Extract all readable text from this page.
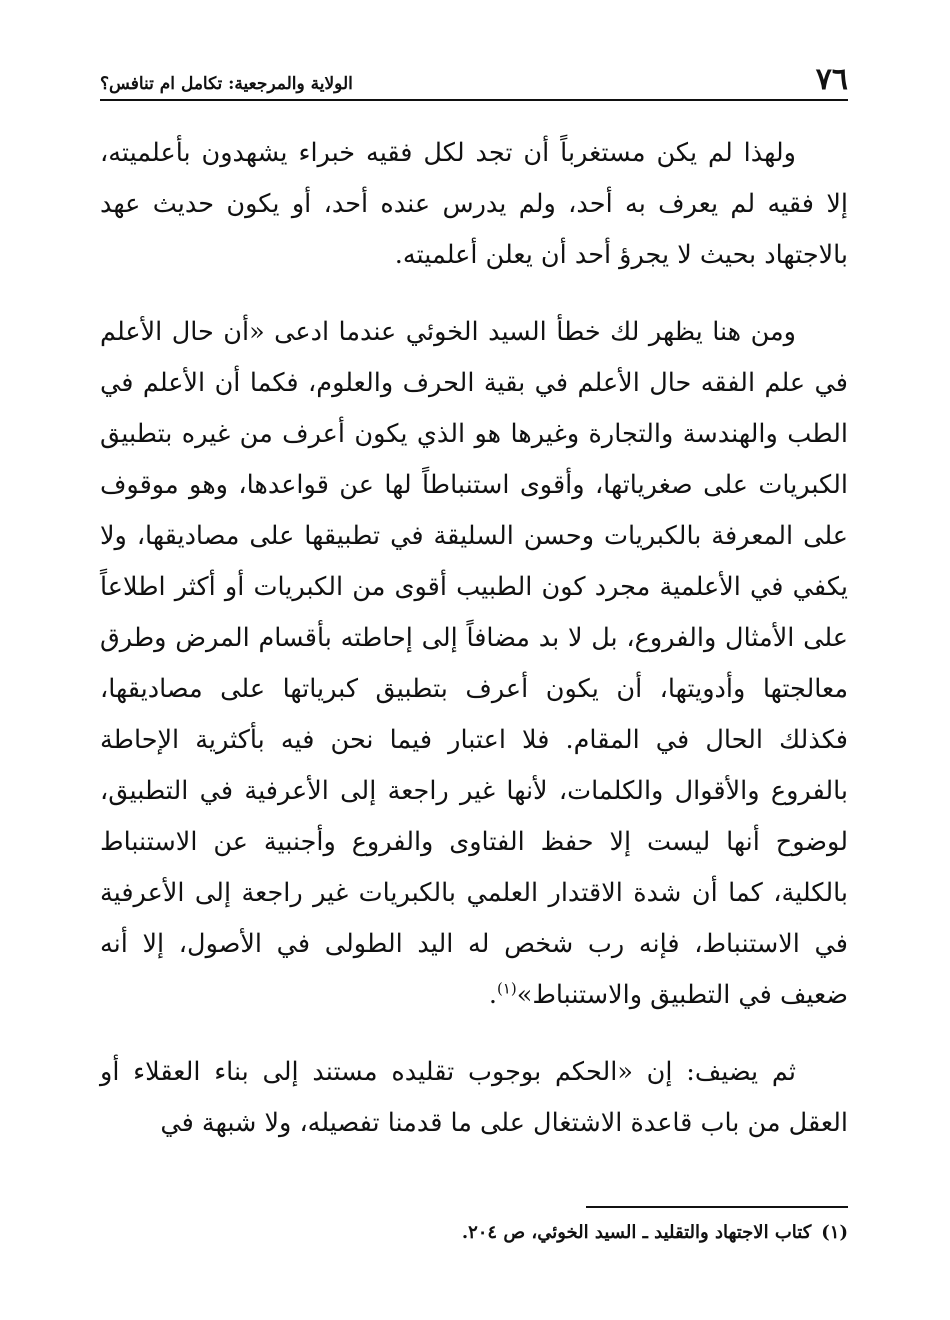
٧٦
الولاية والمرجعية: تكامل ام تنافس؟

ولهذا لم يكن مستغرباً أن تجد لكل فقيه خبراء يشهدون بأعلميته، إلا فقيه لم يعرف به أحد، ولم يدرس عنده أحد، أو يكون حديث عهد بالاجتهاد بحيث لا يجرؤ أحد أن يعلن أعلميته.

ومن هنا يظهر لك خطأ السيد الخوئي عندما ادعى «أن حال الأعلم في علم الفقه حال الأعلم في بقية الحرف والعلوم، فكما أن الأعلم في الطب والهندسة والتجارة وغيرها هو الذي يكون أعرف من غيره بتطبيق الكبريات على صغرياتها، وأقوى استنباطاً لها عن قواعدها، وهو موقوف على المعرفة بالكبريات وحسن السليقة في تطبيقها على مصاديقها، ولا يكفي في الأعلمية مجرد كون الطبيب أقوى من الكبريات أو أكثر اطلاعاً على الأمثال والفروع، بل لا بد مضافاً إلى إحاطته بأقسام المرض وطرق معالجتها وأدويتها، أن يكون أعرف بتطبيق كبرياتها على مصاديقها، فكذلك الحال في المقام. فلا اعتبار فيما نحن فيه بأكثرية الإحاطة بالفروع والأقوال والكلمات، لأنها غير راجعة إلى الأعرفية في التطبيق، لوضوح أنها ليست إلا حفظ الفتاوى والفروع وأجنبية عن الاستنباط بالكلية، كما أن شدة الاقتدار العلمي بالكبريات غير راجعة إلى الأعرفية في الاستنباط، فإنه رب شخص له اليد الطولى في الأصول، إلا أنه ضعيف في التطبيق والاستنباط»$^{(١)}$.

ثم يضيف: إن «الحكم بوجوب تقليده مستند إلى بناء العقلاء أو العقل من باب قاعدة الاشتغال على ما قدمنا تفصيله، ولا شبهة في

(١)كتاب الاجتهاد والتقليد ـ السيد الخوئي، ص ٢٠٤.
